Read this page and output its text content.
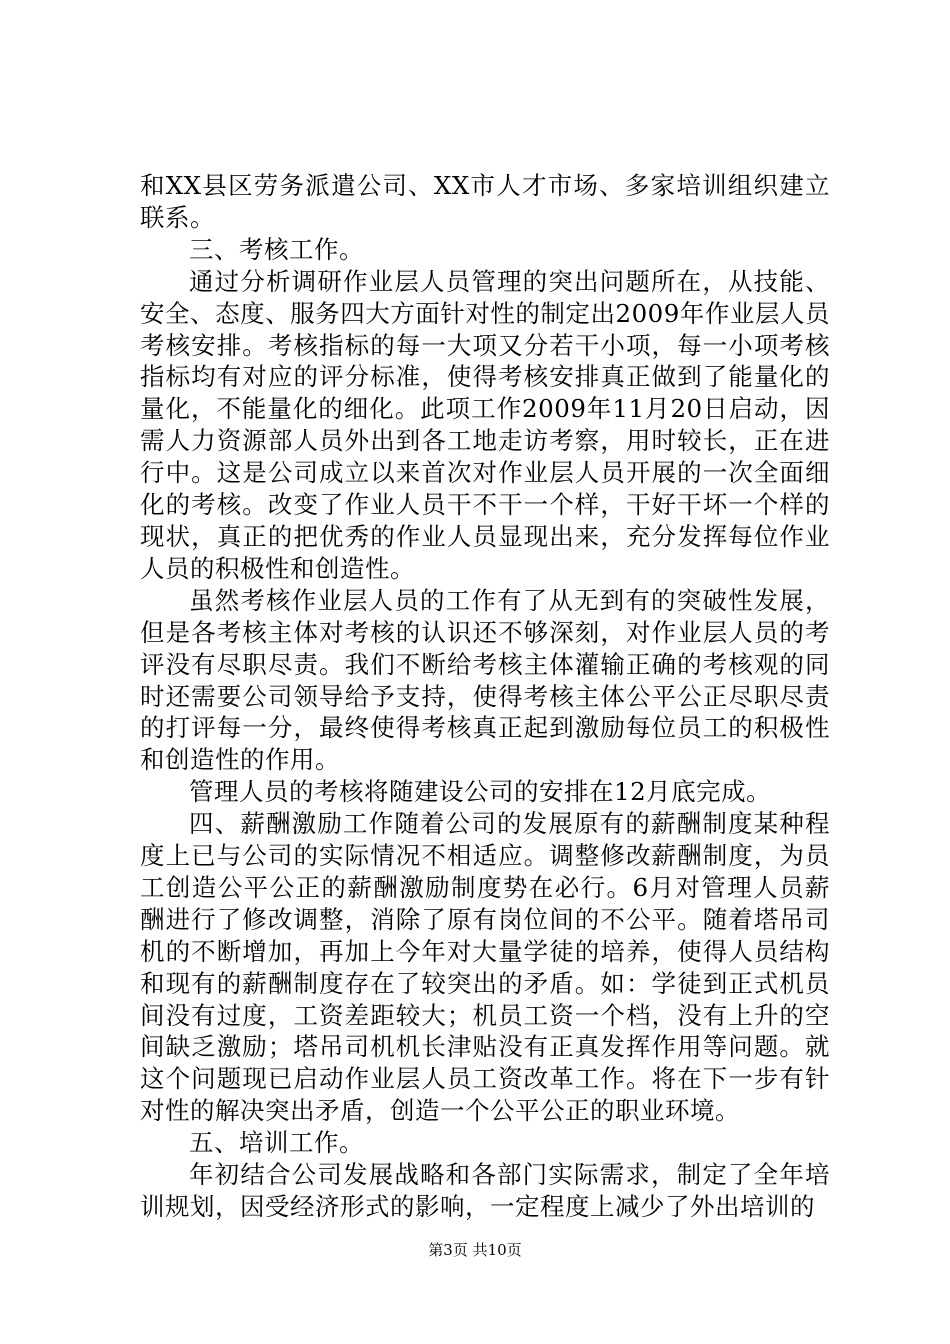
和XX县区劳务派遣公司、XX市人才市场、多家培训组织建立联系。

三、考核工作。

通过分析调研作业层人员管理的突出问题所在，从技能、安全、态度、服务四大方面针对性的制定出2009年作业层人员考核安排。考核指标的每一大项又分若干小项，每一小项考核指标均有对应的评分标准，使得考核安排真正做到了能量化的量化，不能量化的细化。此项工作2009年11月20日启动，因需人力资源部人员外出到各工地走访考察，用时较长，正在进行中。这是公司成立以来首次对作业层人员开展的一次全面细化的考核。改变了作业人员干不干一个样，干好干坏一个样的现状，真正的把优秀的作业人员显现出来，充分发挥每位作业人员的积极性和创造性。

虽然考核作业层人员的工作有了从无到有的突破性发展，但是各考核主体对考核的认识还不够深刻，对作业层人员的考评没有尽职尽责。我们不断给考核主体灌输正确的考核观的同时还需要公司领导给予支持，使得考核主体公平公正尽职尽责的打评每一分，最终使得考核真正起到激励每位员工的积极性和创造性的作用。

管理人员的考核将随建设公司的安排在12月底完成。

四、薪酬激励工作随着公司的发展原有的薪酬制度某种程度上已与公司的实际情况不相适应。调整修改薪酬制度，为员工创造公平公正的薪酬激励制度势在必行。6月对管理人员薪酬进行了修改调整，消除了原有岗位间的不公平。随着塔吊司机的不断增加，再加上今年对大量学徒的培养，使得人员结构和现有的薪酬制度存在了较突出的矛盾。如：学徒到正式机员间没有过度，工资差距较大；机员工资一个档，没有上升的空间缺乏激励；塔吊司机机长津贴没有正真发挥作用等问题。就这个问题现已启动作业层人员工资改革工作。将在下一步有针对性的解决突出矛盾，创造一个公平公正的职业环境。

五、培训工作。

年初结合公司发展战略和各部门实际需求，制定了全年培训规划，因受经济形式的影响，一定程度上减少了外出培训的

第3页 共10页
